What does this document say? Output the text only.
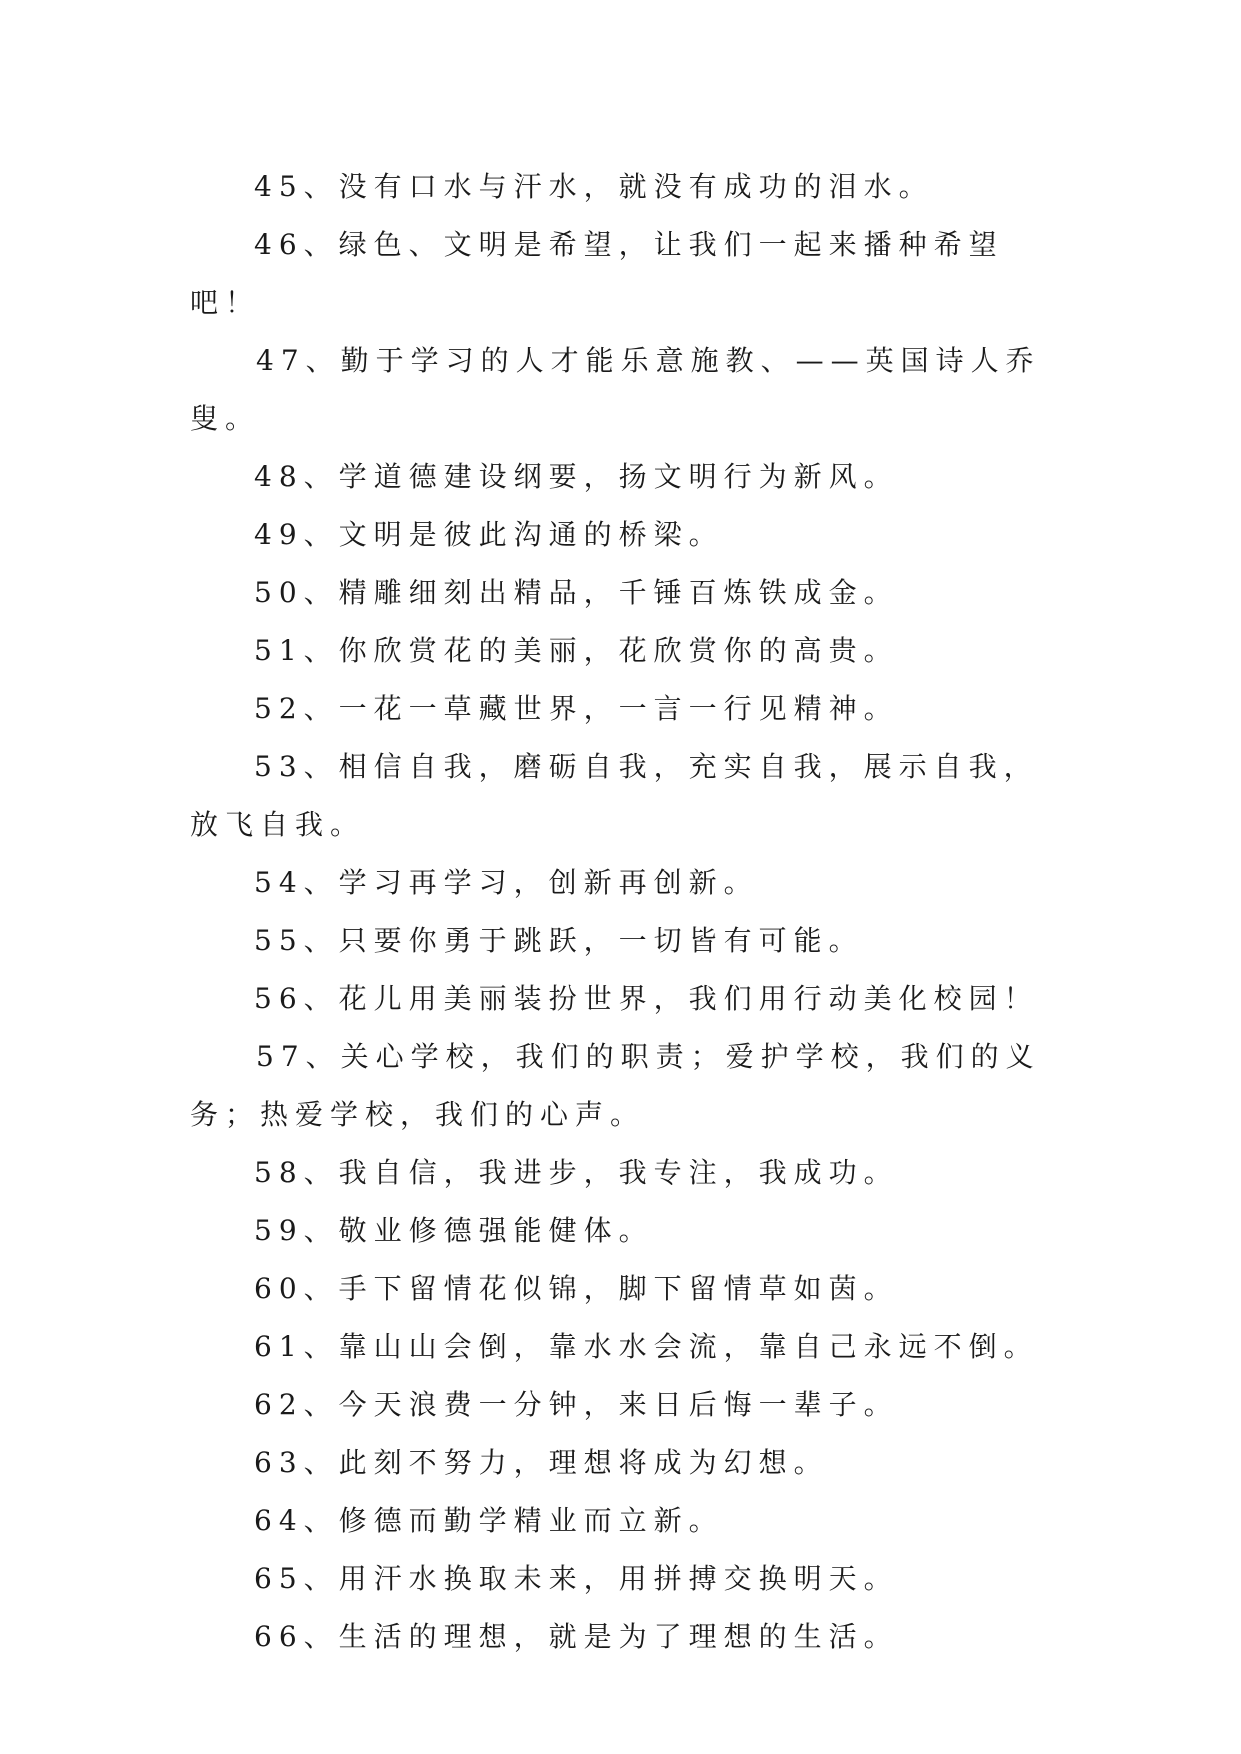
45、没有口水与汗水，就没有成功的泪水。

46、绿色、文明是希望，让我们一起来播种希望吧！

47、勤于学习的人才能乐意施教、——英国诗人乔叟。

48、学道德建设纲要，扬文明行为新风。

49、文明是彼此沟通的桥梁。

50、精雕细刻出精品，千锤百炼铁成金。

51、你欣赏花的美丽，花欣赏你的高贵。

52、一花一草藏世界，一言一行见精神。

53、相信自我，磨砺自我，充实自我，展示自我，放飞自我。

54、学习再学习，创新再创新。

55、只要你勇于跳跃，一切皆有可能。

56、花儿用美丽装扮世界，我们用行动美化校园！

57、关心学校，我们的职责；爱护学校，我们的义务；热爱学校，我们的心声。

58、我自信，我进步，我专注，我成功。

59、敬业修德强能健体。

60、手下留情花似锦，脚下留情草如茵。

61、靠山山会倒，靠水水会流，靠自己永远不倒。

62、今天浪费一分钟，来日后悔一辈子。

63、此刻不努力，理想将成为幻想。

64、修德而勤学精业而立新。

65、用汗水换取未来，用拼搏交换明天。

66、生活的理想，就是为了理想的生活。
